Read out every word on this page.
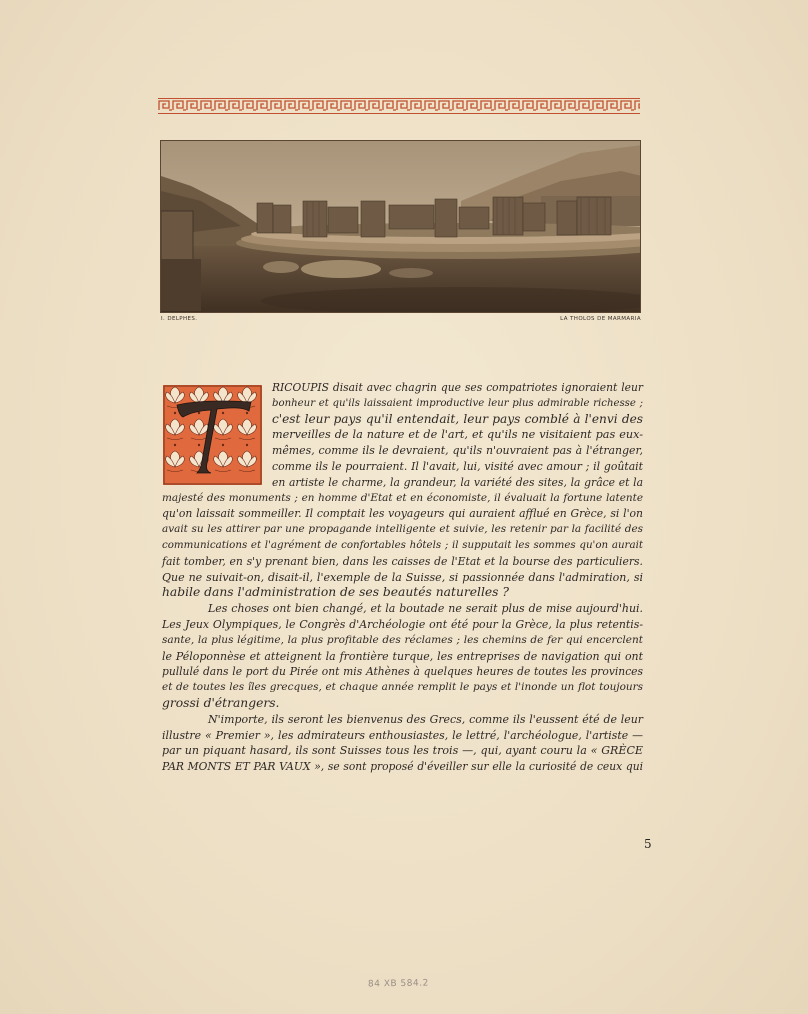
I. DELPHES.	LA THOLOS DE MARMARIA
RICOUPIS disait avec chagrin que ses compatriotes ignoraient leur
bonheur et qu'ils laissaient improductive leur plus admirable richesse ;
c'est leur pays qu'il entendait, leur pays comblé à l'envi des
merveilles de la nature et de l'art, et qu'ils ne visitaient pas eux-
mêmes, comme ils le devraient, qu'ils n'ouvraient pas à l'étranger,
comme ils le pourraient. Il l'avait, lui, visité avec amour ; il goûtait
en artiste le charme, la grandeur, la variété des sites, la grâce et la
majesté des monuments ; en homme d'Etat et en économiste, il évaluait la fortune latente
qu'on laissait sommeiller. Il comptait les voyageurs qui auraient afflué en Grèce, si l'on
avait su les attirer par une propagande intelligente et suivie, les retenir par la facilité des
communications et l'agrément de confortables hôtels ; il supputait les sommes qu'on aurait
fait tomber, en s'y prenant bien, dans les caisses de l'Etat et la bourse des particuliers.
Que ne suivait-on, disait-il, l'exemple de la Suisse, si passionnée dans l'admiration, si
habile dans l'administration de ses beautés naturelles ?
Les choses ont bien changé, et la boutade ne serait plus de mise aujourd'hui.
Les Jeux Olympiques, le Congrès d'Archéologie ont été pour la Grèce, la plus retentis-
sante, la plus légitime, la plus profitable des réclames ; les chemins de fer qui encerclent
le Péloponnèse et atteignent la frontière turque, les entreprises de navigation qui ont
pullulé dans le port du Pirée ont mis Athènes à quelques heures de toutes les provinces
et de toutes les îles grecques, et chaque année remplit le pays et l'inonde un flot toujours
grossi d'étrangers.
N'importe, ils seront les bienvenus des Grecs, comme ils l'eussent été de leur
illustre « Premier », les admirateurs enthousiastes, le lettré, l'archéologue, l'artiste —
par un piquant hasard, ils sont Suisses tous les trois —, qui, ayant couru la « GRÈCE
PAR MONTS ET PAR VAUX », se sont proposé d'éveiller sur elle la curiosité de ceux qui
5
84 XB 584.2
